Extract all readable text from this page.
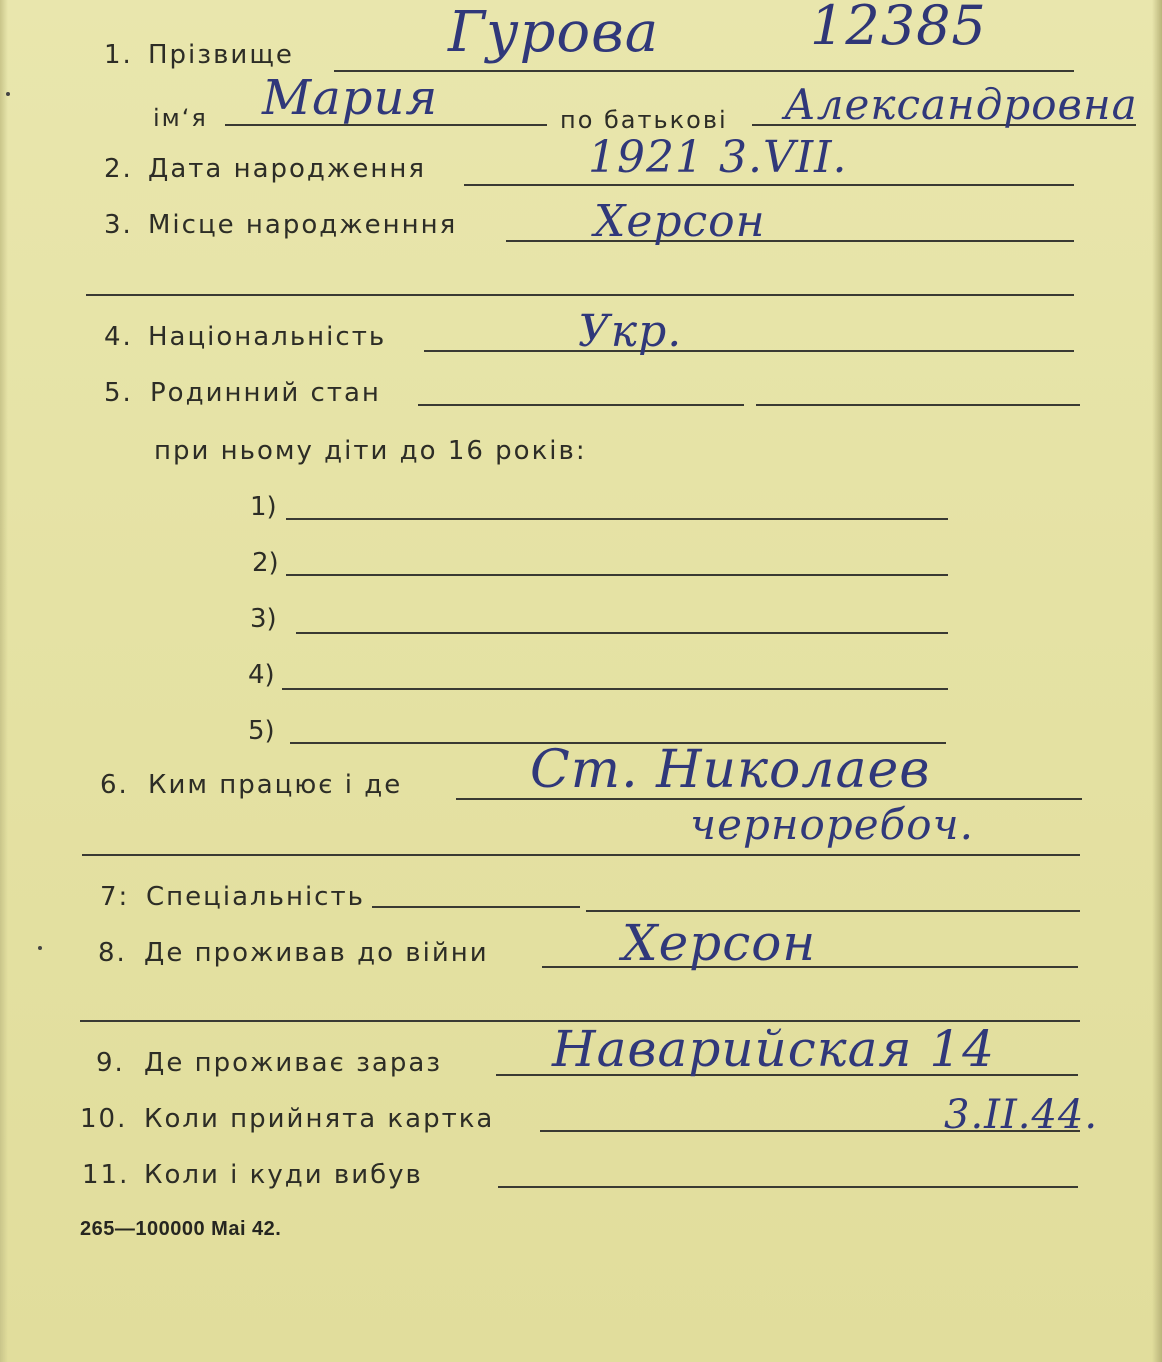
12385
1. Прізвище	Гурова
ім‘я Мария	по батькові Александровна
2. Дата народження	1921 3.VII.
3. Місце народженння	Херсон
4. Національність	Укр.
5. Родинний стан
при ньому діти до 16 років:
1)
2)
3)
4)
5)
6. Ким працює і де Ст. Николаев
черноребоч.
7: Спеціальність
8. Де проживав до війни	Херсон
9. Де проживає зараз Наварийская 14
10. Коли прийнята картка	3.II.44.
11. Коли і куди вибув
265—100000 Mai 42.
